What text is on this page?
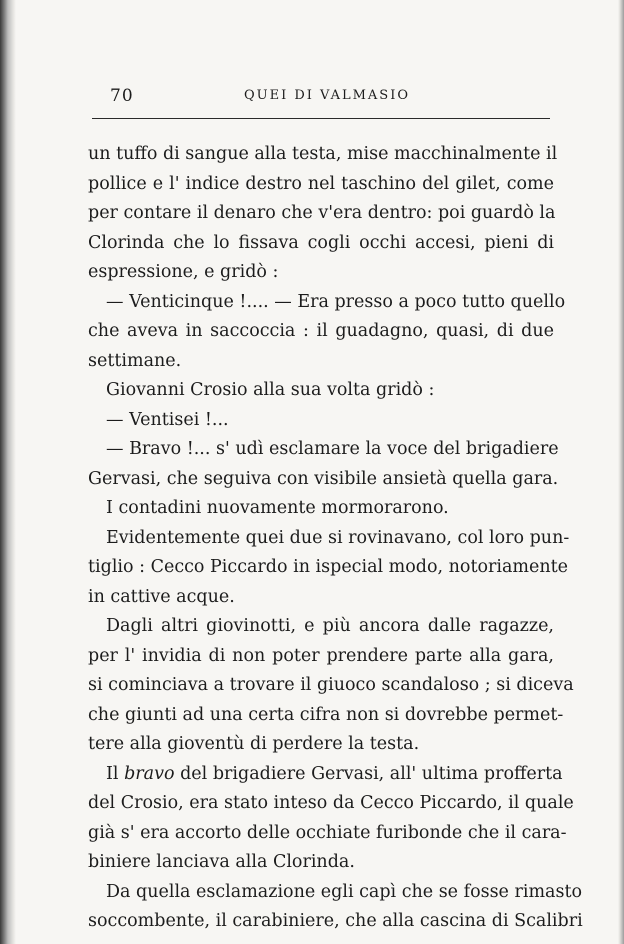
70	QUEI DI VALMASIO
un tuffo di sangue alla testa, mise macchinalmente il
pollice e l' indice destro nel taschino del gilet, come
per contare il denaro che v'era dentro: poi guardò la
Clorinda che lo fissava cogli occhi accesi, pieni di
espressione, e gridò :
— Venticinque !.... — Era presso a poco tutto quello
che aveva in saccoccia : il guadagno, quasi, di due
settimane.
Giovanni Crosio alla sua volta gridò :
— Ventisei !...
— Bravo !... s' udì esclamare la voce del brigadiere
Gervasi, che seguiva con visibile ansietà quella gara.
I contadini nuovamente mormorarono.
Evidentemente quei due si rovinavano, col loro pun-
tiglio : Cecco Piccardo in ispecial modo, notoriamente
in cattive acque.
Dagli altri giovinotti, e più ancora dalle ragazze,
per l' invidia di non poter prendere parte alla gara,
si cominciava a trovare il giuoco scandaloso ; si diceva
che giunti ad una certa cifra non si dovrebbe permet-
tere alla gioventù di perdere la testa.
Il bravo del brigadiere Gervasi, all' ultima profferta
del Crosio, era stato inteso da Cecco Piccardo, il quale
già s' era accorto delle occhiate furibonde che il cara-
biniere lanciava alla Clorinda.
Da quella esclamazione egli capì che se fosse rimasto
soccombente, il carabiniere, che alla cascina di Scalibri
